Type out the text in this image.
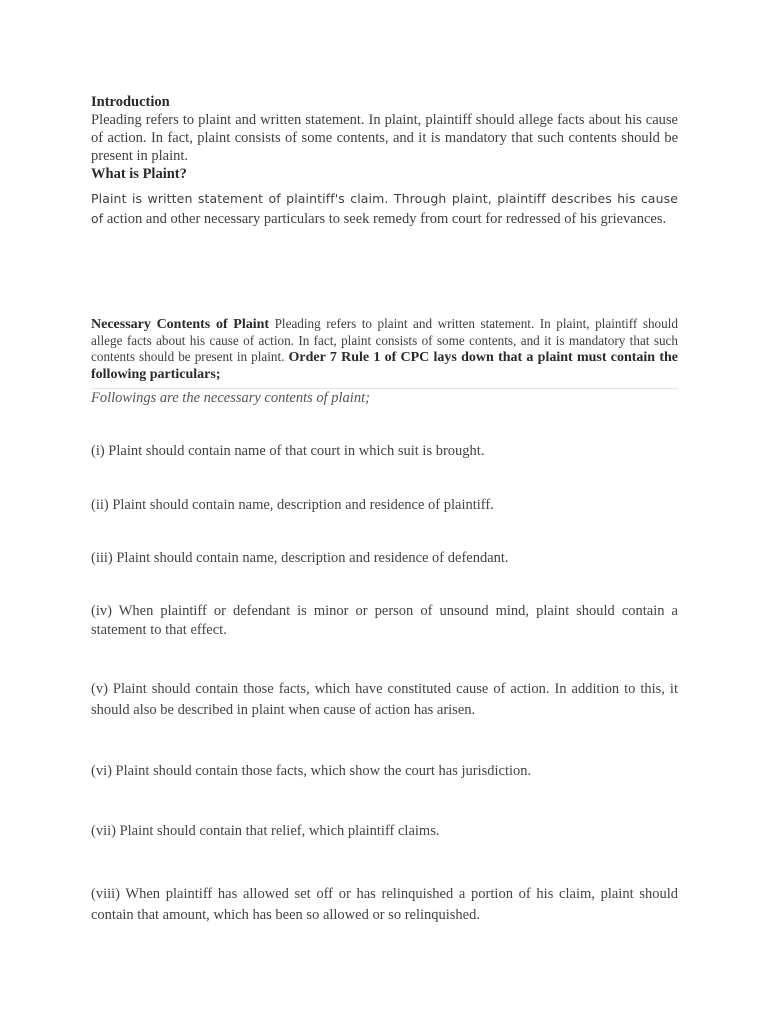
Introduction

Pleading refers to plaint and written statement. In plaint, plaintiff should allege facts about his cause of action. In fact, plaint consists of some contents, and it is mandatory that such contents should be present in plaint.

What is Plaint?

Plaint is written statement of plaintiff's claim. Through plaint, plaintiff describes his cause of action and other necessary particulars to seek remedy from court for redressed of his grievances.

Necessary Contents of Plaint Pleading refers to plaint and written statement. In plaint, plaintiff should allege facts about his cause of action. In fact, plaint consists of some contents, and it is mandatory that such contents should be present in plaint. Order 7 Rule 1 of CPC lays down that a plaint must contain the following particulars;

Followings are the necessary contents of plaint;

(i) Plaint should contain name of that court in which suit is brought.

(ii) Plaint should contain name, description and residence of plaintiff.

(iii) Plaint should contain name, description and residence of defendant.

(iv) When plaintiff or defendant is minor or person of unsound mind, plaint should contain a statement to that effect.

(v) Plaint should contain those facts, which have constituted cause of action. In addition to this, it should also be described in plaint when cause of action has arisen.

(vi) Plaint should contain those facts, which show the court has jurisdiction.

(vii) Plaint should contain that relief, which plaintiff claims.

(viii) When plaintiff has allowed set off or has relinquished a portion of his claim, plaint should contain that amount, which has been so allowed or so relinquished.
